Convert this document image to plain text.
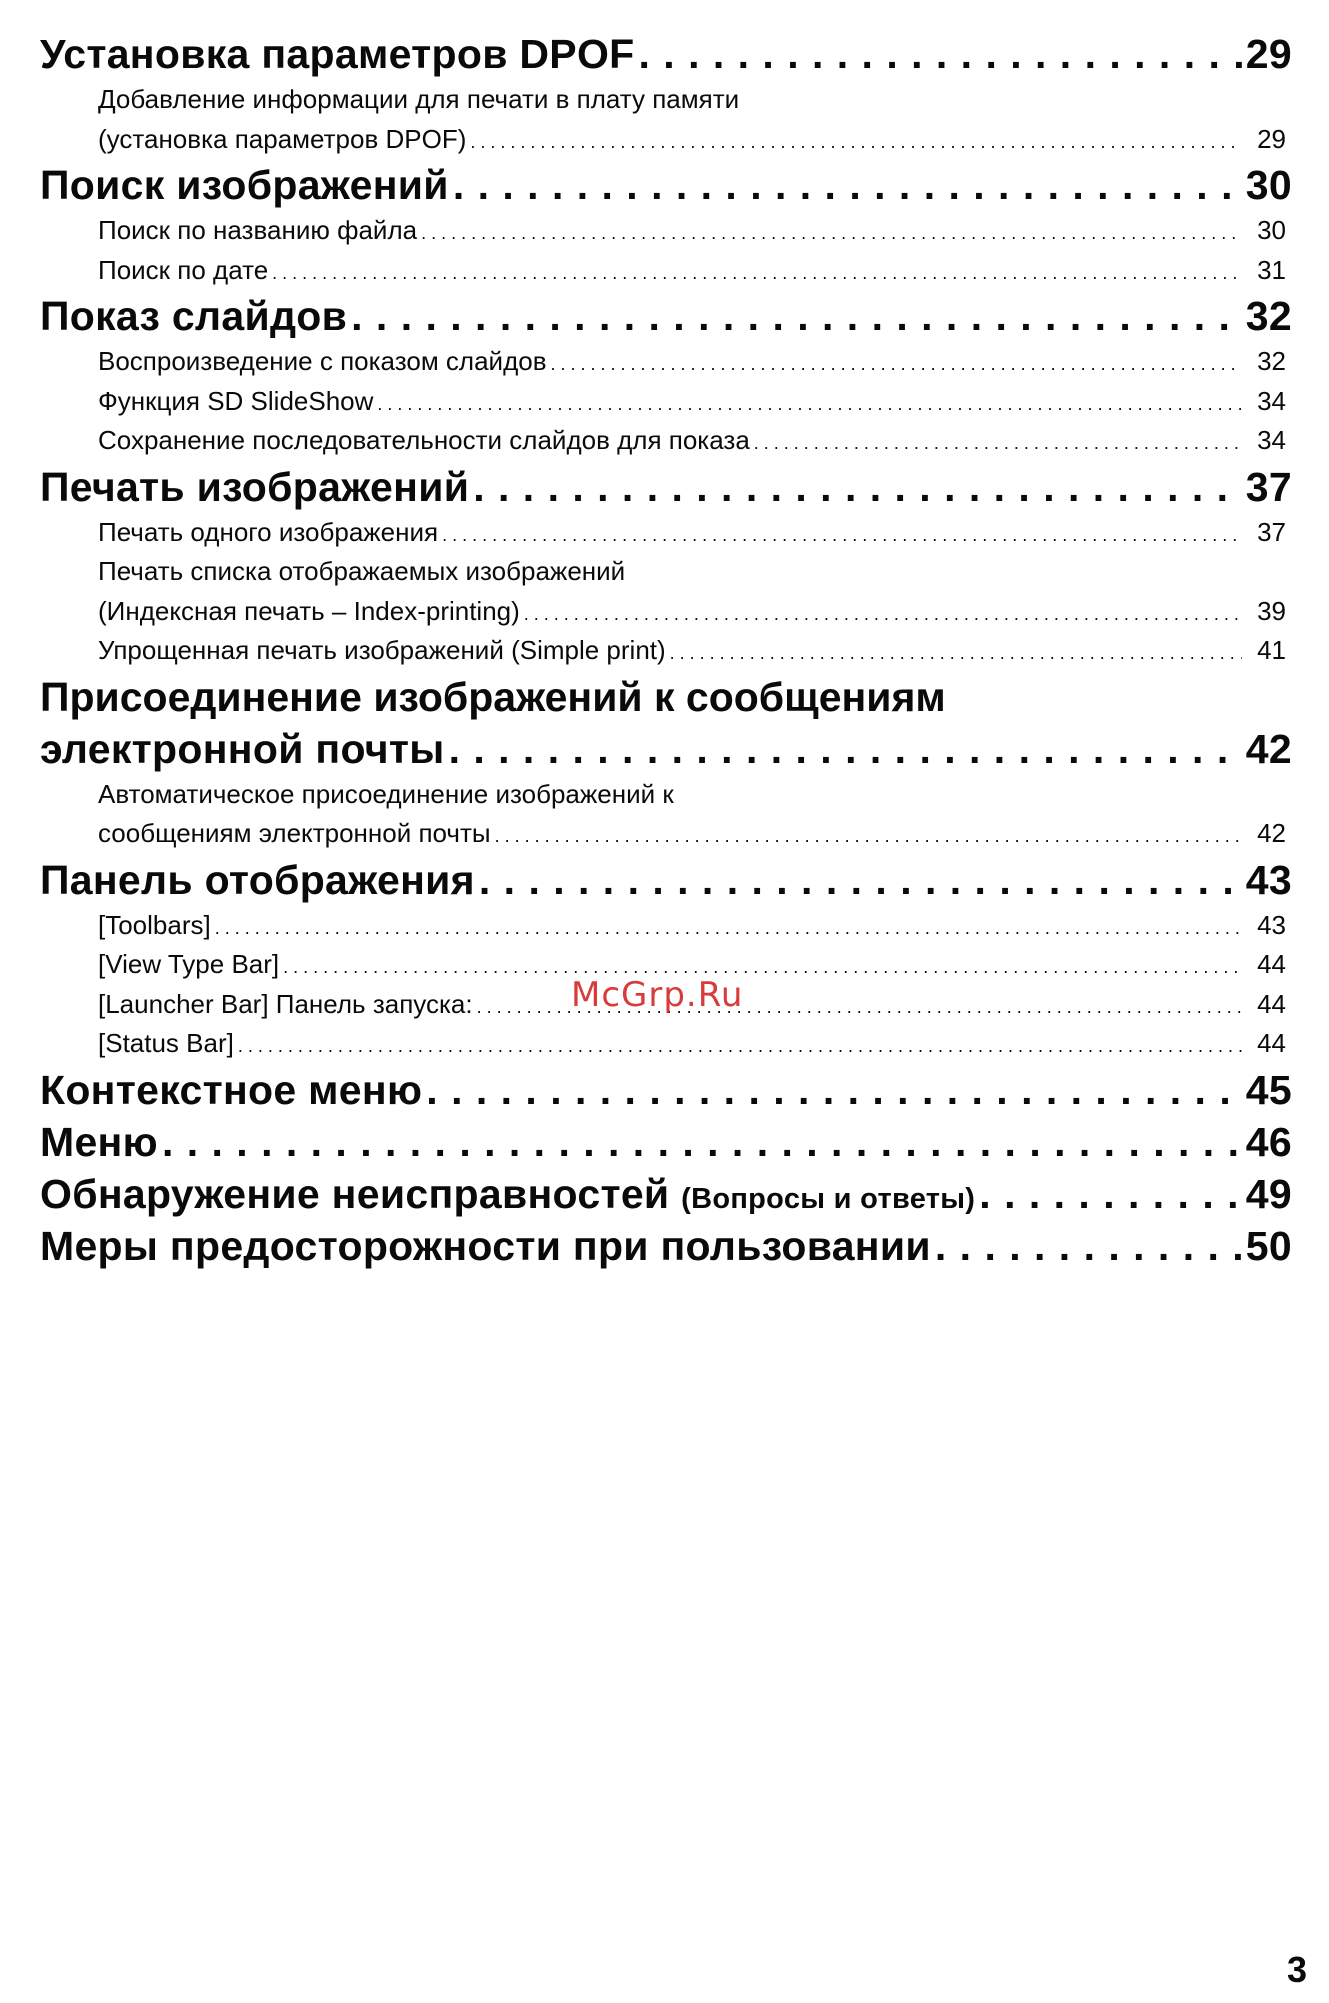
Установка параметров DPOF . . .	29
Добавление информации для печати в плату памяти
(установка параметров DPOF) . . .	29
Поиск изображений . . .	30
Поиск по названию файла . . .	30
Поиск по дате . . .	31
Показ слайдов . . .	32
Воспроизведение с показом слайдов . . .	32
Функция SD SlideShow . . .	34
Сохранение последовательности слайдов для показа . . .	34
Печать изображений . . .	37
Печать одного изображения . . .	37
Печать списка отображаемых изображений
(Индексная печать – Index-printing) . . .	39
Упрощенная печать изображений (Simple print) . . .	41
Присоединение изображений к сообщениям
электронной почты . . .	42
Автоматическое присоединение изображений к
сообщениям электронной почты . . .	42
Панель отображения . . .	43
[Toolbars] . . .	43
[View Type Bar] . . .	44
[Launcher Bar] Панель запуска: . . .	44
[Status Bar] . . .	44
Контекстное меню . . .	45
Меню . . .	46
Обнаружение неисправностей (Вопросы и ответы) . . .	49
Меры предосторожности при пользовании . . .	50
McGrp.Ru
3
